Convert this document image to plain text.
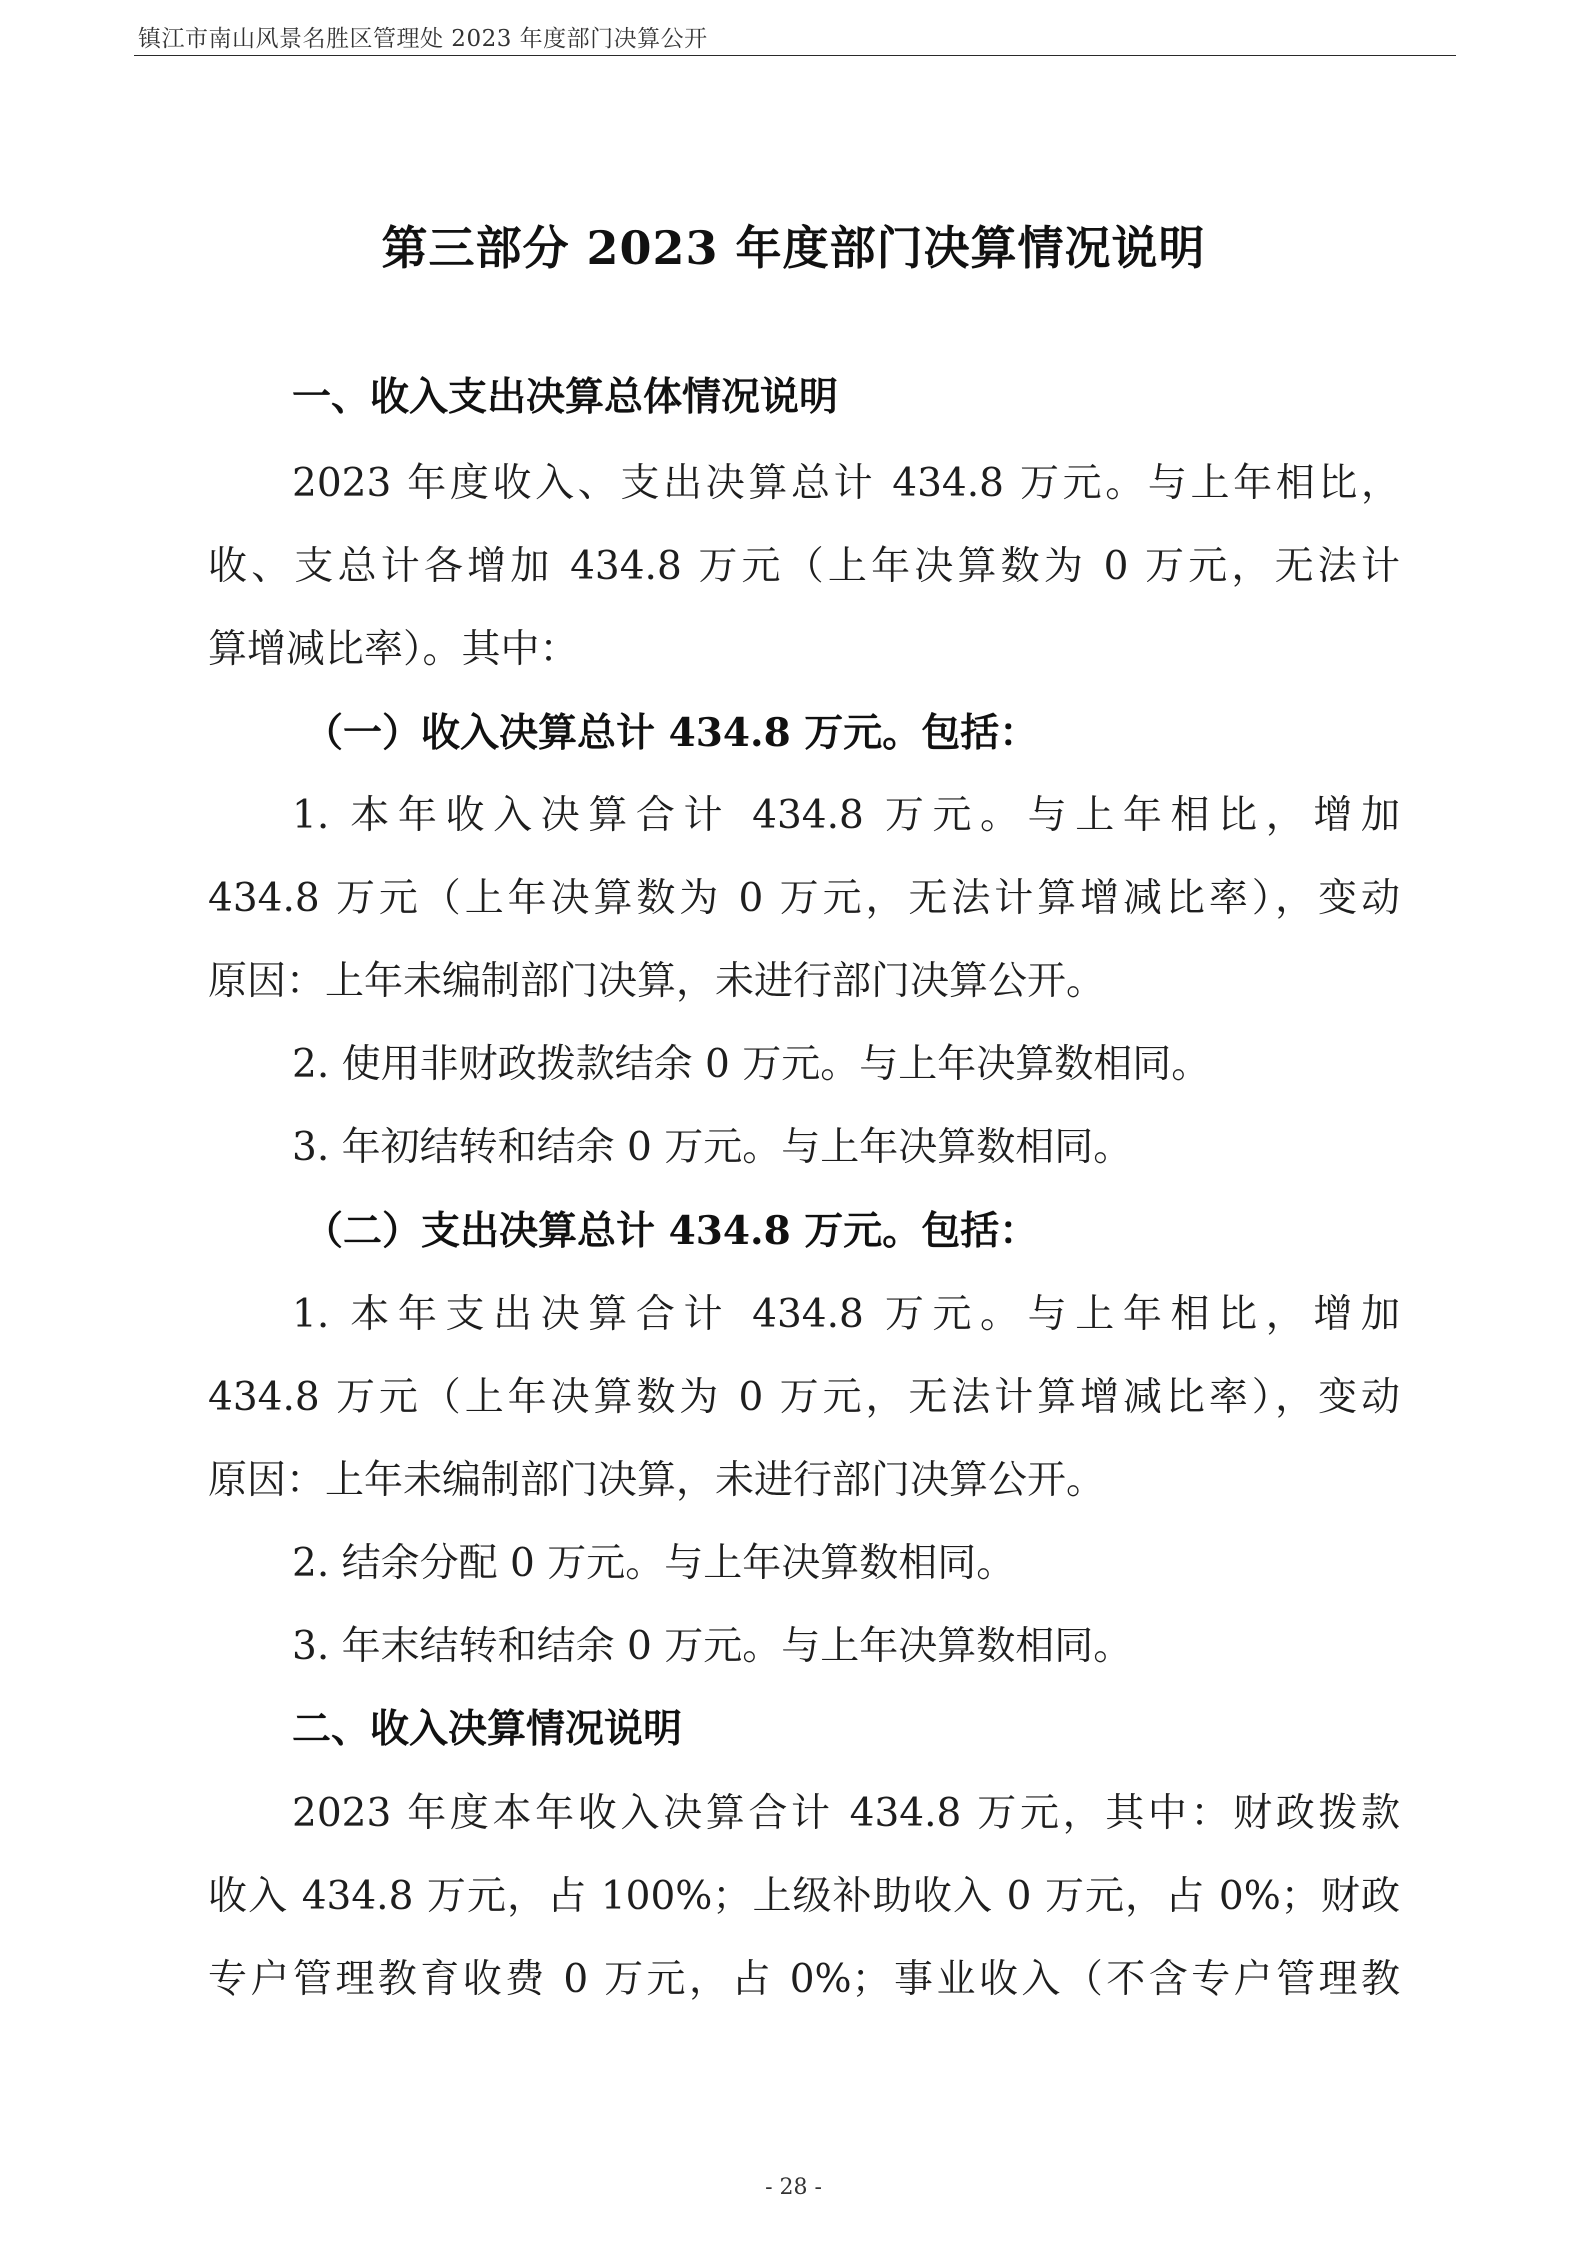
镇江市南山风景名胜区管理处 2023 年度部门决算公开
第三部分 2023 年度部门决算情况说明
一、收入支出决算总体情况说明
2023 年度收入、支出决算总计 434.8 万元。与上年相比，
收、支总计各增加 434.8 万元（上年决算数为 0 万元，无法计
算增减比率）。其中：
（一）收入决算总计 434.8 万元。包括：
1. 本年收入决算合计 434.8 万元。与上年相比，增加
434.8 万元（上年决算数为 0 万元，无法计算增减比率），变动
原因：上年未编制部门决算，未进行部门决算公开。
2. 使用非财政拨款结余 0 万元。与上年决算数相同。
3. 年初结转和结余 0 万元。与上年决算数相同。
（二）支出决算总计 434.8 万元。包括：
1. 本年支出决算合计 434.8 万元。与上年相比，增加
434.8 万元（上年决算数为 0 万元，无法计算增减比率），变动
原因：上年未编制部门决算，未进行部门决算公开。
2. 结余分配 0 万元。与上年决算数相同。
3. 年末结转和结余 0 万元。与上年决算数相同。
二、收入决算情况说明
2023 年度本年收入决算合计 434.8 万元，其中：财政拨款
收入 434.8 万元，占 100%；上级补助收入 0 万元，占 0%；财政
专户管理教育收费 0 万元，占 0%；事业收入（不含专户管理教
- 28 -
